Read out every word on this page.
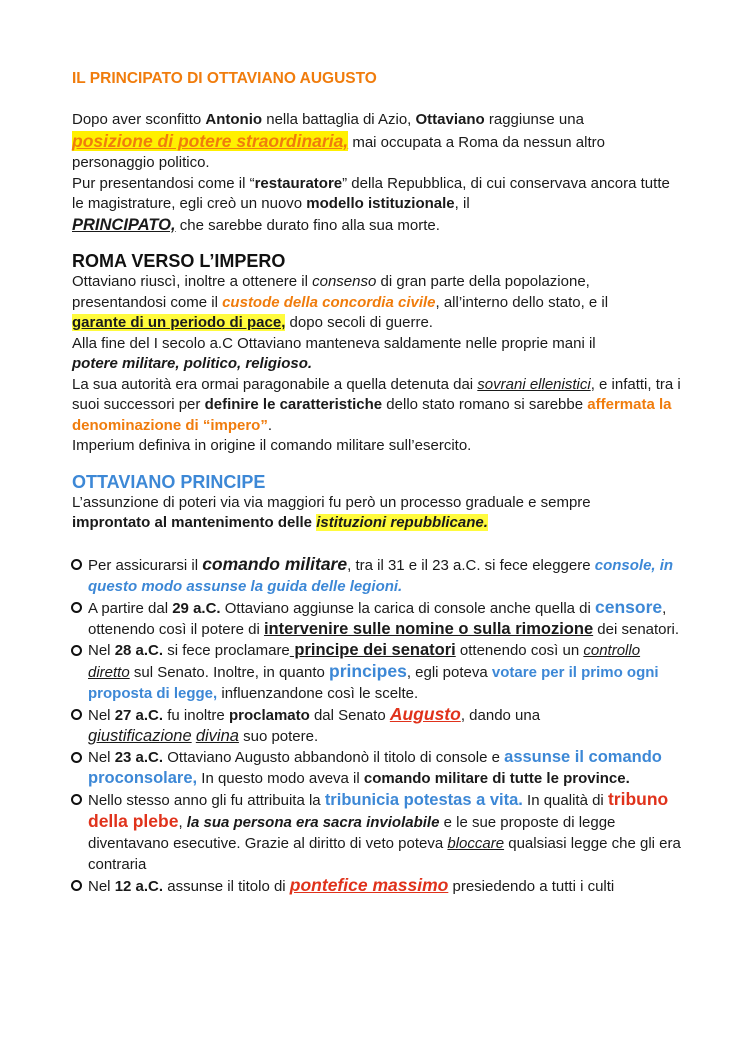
IL PRINCIPATO DI OTTAVIANO AUGUSTO

Dopo aver sconfitto Antonio nella battaglia di Azio, Ottaviano raggiunse una
posizione di potere straordinaria, mai occupata a Roma da nessun altro personaggio politico.

Pur presentandosi come il “restauratore” della Repubblica, di cui conservava ancora tutte le magistrature, egli creò un nuovo modello istituzionale, il
PRINCIPATO, che sarebbe durato fino alla sua morte.

ROMA VERSO L’IMPERO

Ottaviano riuscì, inoltre a ottenere il consenso di gran parte della popolazione, presentandosi come il custode della concordia civile, all’interno dello stato, e il
garante di un periodo di pace, dopo secoli di guerre.

Alla fine del I secolo a.C Ottaviano manteneva saldamente nelle proprie mani il
potere militare, politico, religioso.

La sua autorità era ormai paragonabile a quella detenuta dai sovrani ellenistici, e infatti, tra i suoi successori per definire le caratteristiche dello stato romano si sarebbe affermata la denominazione di “impero”.

Imperium definiva in origine il comando militare sull’esercito.

OTTAVIANO PRINCIPE

L’assunzione di poteri via via maggiori fu però un processo graduale e sempre
improntato al mantenimento delle istituzioni repubblicane.

Per assicurarsi il comando militare, tra il 31 e il 23 a.C. si fece eleggere console, in questo modo assunse la guida delle legioni.
A partire dal 29 a.C. Ottaviano aggiunse la carica di console anche quella di censore, ottenendo così il potere di intervenire sulle nomine o sulla rimozione dei senatori.
Nel 28 a.C. si fece proclamare principe dei senatori ottenendo così un controllo diretto sul Senato. Inoltre, in quanto principes, egli poteva votare per il primo ogni proposta di legge, influenzandone così le scelte.
Nel 27 a.C. fu inoltre proclamato dal Senato Augusto, dando una
giustificazione divina suo potere.
Nel 23 a.C. Ottaviano Augusto abbandonò il titolo di console e assunse il comando proconsolare, In questo modo aveva il comando militare di tutte le province.
Nello stesso anno gli fu attribuita la tribunicia potestas a vita. In qualità di tribuno della plebe, la sua persona era sacra inviolabile e le sue proposte di legge diventavano esecutive. Grazie al diritto di veto poteva bloccare qualsiasi legge che gli era contraria
Nel 12 a.C. assunse il titolo di pontefice massimo presiedendo a tutti i culti
